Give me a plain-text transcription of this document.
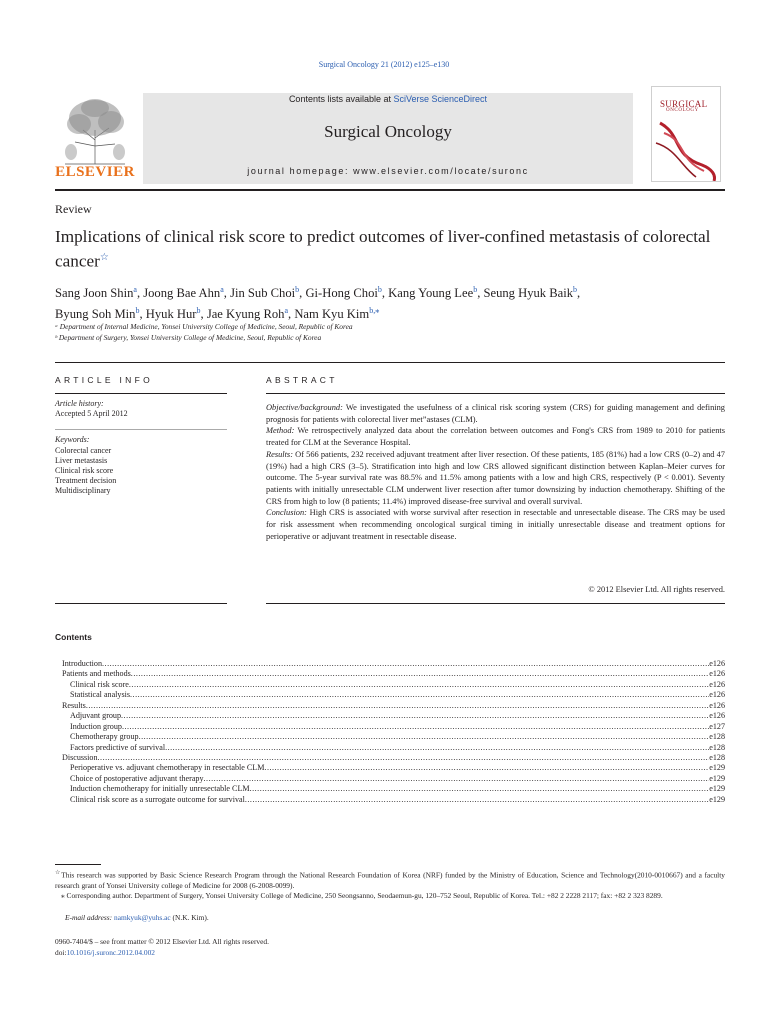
Surgical Oncology 21 (2012) e125–e130
ELSEVIER
Contents lists available at SciVerse ScienceDirect
Surgical Oncology
journal homepage: www.elsevier.com/locate/suronc
SURGICAL
ONCOLOGY
Review
Implications of clinical risk score to predict outcomes of liver-confined metastasis of colorectal cancer☆
Sang Joon Shin$^a$, Joong Bae Ahn$^a$, Jin Sub Choi$^b$, Gi-Hong Choi$^b$, Kang Young Lee$^b$, Seung Hyuk Baik$^b$,
Byung Soh Min$^b$, Hyuk Hur$^b$, Jae Kyung Roh$^a$, Nam Kyu Kim$^{b,⁎}$
ᵃ Department of Internal Medicine, Yonsei University College of Medicine, Seoul, Republic of Korea
ᵇ Department of Surgery, Yonsei University College of Medicine, Seoul, Republic of Korea
ARTICLE INFO
Article history:
Accepted 5 April 2012
Keywords:
Colorectal cancer
Liver metastasis
Clinical risk score
Treatment decision
Multidisciplinary
ABSTRACT

Objective/background: We investigated the usefulness of a clinical risk scoring system (CRS) for guiding management and defining prognosis for patients with colorectal liver met”astases (CLM).

Method: We retrospectively analyzed data about the correlation between outcomes and Fong's CRS from 1989 to 2010 for patients treated for CLM at the Severance Hospital.

Results: Of 566 patients, 232 received adjuvant treatment after liver resection. Of these patients, 185 (81%) had a low CRS (0–2) and 47 (19%) had a high CRS (3–5). Stratification into high and low CRS allowed significant distinction between Kaplan–Meier curves for outcome. The 5-year survival rate was 88.5% and 11.5% among patients with a low and high CRS, respectively (P < 0.001). Seventy patients with initially unresectable CLM underwent liver resection after tumor downsizing by induction chemotherapy. Shifting of the CRS from high to low (8 patients; 11.4%) improved disease-free survival and overall survival.

Conclusion: High CRS is associated with worse survival after resection in resectable and unresectable disease. The CRS may be used for risk assessment when recommending oncological surgical timing in initially unresectable disease and treatment options for perioperative or adjuvant treatment in resectable disease.

© 2012 Elsevier Ltd. All rights reserved.
Contents
Introduction .....	e126
Patients and methods .....	e126
Clinical risk score .....	e126
Statistical analysis .....	e126
Results .....	e126
Adjuvant group .....	e126
Induction group .....	e127
Chemotherapy group .....	e128
Factors predictive of survival .....	e128
Discussion .....	e128
Perioperative vs. adjuvant chemotherapy in resectable CLM .....	e129
Choice of postoperative adjuvant therapy .....	e129
Induction chemotherapy for initially unresectable CLM .....	e129
Clinical risk score as a surrogate outcome for survival .....	e129
☆This research was supported by Basic Science Research Program through the National Research Foundation of Korea (NRF) funded by the Ministry of Education, Science and Technology(2010-0010667) and a faculty research grant of Yonsei University college of Medicine for 2008 (6-2008-0099).
⁎ Corresponding author. Department of Surgery, Yonsei University College of Medicine, 250 Seongsanno, Seodaemun-gu, 120–752 Seoul, Republic of Korea. Tel.: +82 2 2228 2117; fax: +82 2 323 8289.
E-mail address: namkyuk@yuhs.ac (N.K. Kim).
0960-7404/$ – see front matter © 2012 Elsevier Ltd. All rights reserved.
doi:10.1016/j.suronc.2012.04.002
